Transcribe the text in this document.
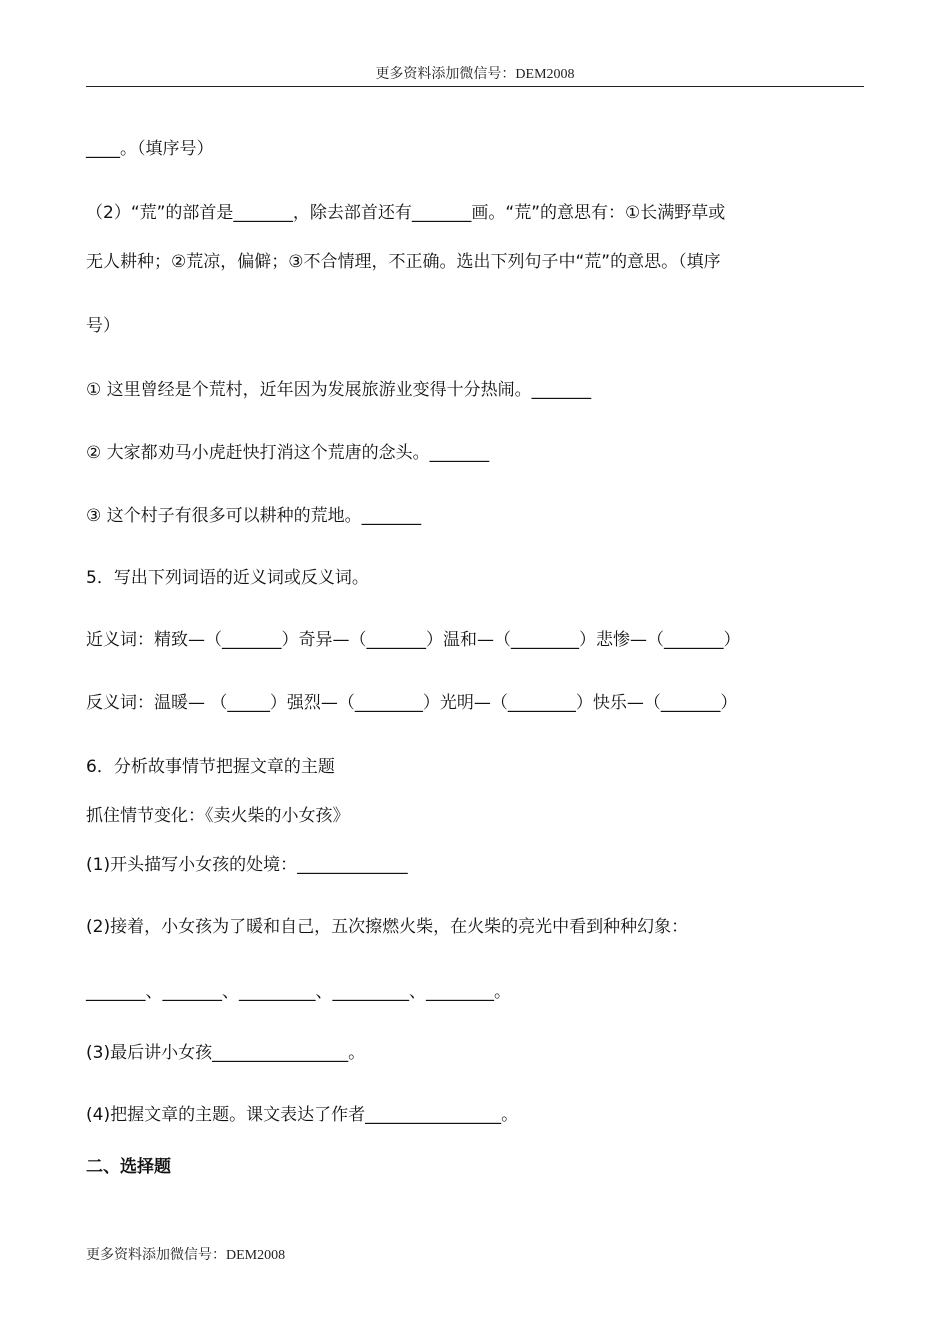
更多资料添加微信号：DEM2008
____。（填序号）
（2）“荒”的部首是_______，除去部首还有_______画。“荒”的意思有：①长满野草或
无人耕种；②荒凉，偏僻；③不合情理，不正确。选出下列句子中“荒”的意思。（填序
号）
① 这里曾经是个荒村，近年因为发展旅游业变得十分热闹。_______
② 大家都劝马小虎赶快打消这个荒唐的念头。_______
③ 这个村子有很多可以耕种的荒地。_______
5．写出下列词语的近义词或反义词。
近义词：精致—（_______）奇异—（_______）温和—（________）悲惨—（_______）
反义词：温暖— （_____）强烈—（________）光明—（________）快乐—（_______）
6．分析故事情节把握文章的主题
抓住情节变化：《卖火柴的小女孩》
(1)开头描写小女孩的处境：_____________
(2)接着，小女孩为了暖和自己，五次擦燃火柴，在火柴的亮光中看到种种幻象：
_______、_______、_________、_________、________。
(3)最后讲小女孩________________。
(4)把握文章的主题。课文表达了作者________________。
二、选择题
更多资料添加微信号：DEM2008
